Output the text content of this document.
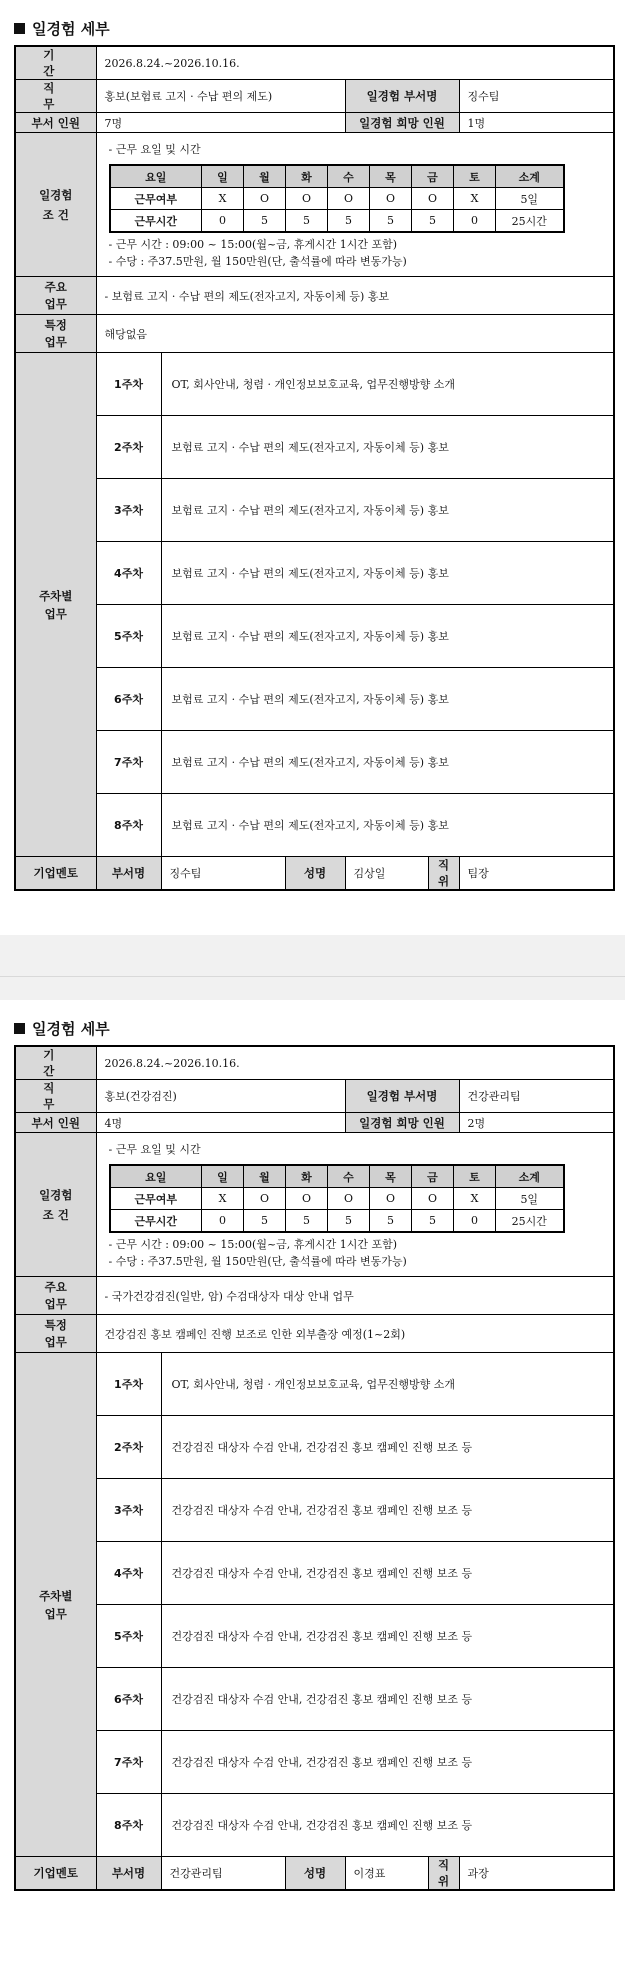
일경험 세부
기 간	2026.8.24.~2026.10.16.
직 무	홍보(보험료 고지 · 수납 편의 제도)	일경험 부서명	징수팀
부서 인원	7명	일경험 희망 인원	1명
일경험
조 건	
- 근무 요일 및 시간
요일	일	월	화	수	목	금	토	소계
근무여부	X	O	O	O	O	O	X	5일
근무시간	0	5	5	5	5	5	0	25시간
- 근무 시간 : 09:00 ~ 15:00(월~금, 휴게시간 1시간 포함)
- 수당 : 주37.5만원, 월 150만원(단, 출석률에 따라 변동가능)

주요
업무	- 보험료 고지 · 수납 편의 제도(전자고지, 자동이체 등) 홍보
특정
업무	해당없음
주차별
업무	1주차	OT, 회사안내, 청렴 · 개인정보보호교육, 업무진행방향 소개
2주차	보험료 고지 · 수납 편의 제도(전자고지, 자동이체 등) 홍보
3주차	보험료 고지 · 수납 편의 제도(전자고지, 자동이체 등) 홍보
4주차	보험료 고지 · 수납 편의 제도(전자고지, 자동이체 등) 홍보
5주차	보험료 고지 · 수납 편의 제도(전자고지, 자동이체 등) 홍보
6주차	보험료 고지 · 수납 편의 제도(전자고지, 자동이체 등) 홍보
7주차	보험료 고지 · 수납 편의 제도(전자고지, 자동이체 등) 홍보
8주차	보험료 고지 · 수납 편의 제도(전자고지, 자동이체 등) 홍보
기업멘토	부서명	징수팀	성명	김상일	직위	팀장
일경험 세부
기 간	2026.8.24.~2026.10.16.
직 무	홍보(건강검진)	일경험 부서명	건강관리팀
부서 인원	4명	일경험 희망 인원	2명
일경험
조 건	
- 근무 요일 및 시간
요일	일	월	화	수	목	금	토	소계
근무여부	X	O	O	O	O	O	X	5일
근무시간	0	5	5	5	5	5	0	25시간
- 근무 시간 : 09:00 ~ 15:00(월~금, 휴게시간 1시간 포함)
- 수당 : 주37.5만원, 월 150만원(단, 출석률에 따라 변동가능)

주요
업무	- 국가건강검진(일반, 암) 수검대상자 대상 안내 업무
특정
업무	건강검진 홍보 캠페인 진행 보조로 인한 외부출장 예정(1~2회)
주차별
업무	1주차	OT, 회사안내, 청렴 · 개인정보보호교육, 업무진행방향 소개
2주차	건강검진 대상자 수검 안내, 건강검진 홍보 캠페인 진행 보조 등
3주차	건강검진 대상자 수검 안내, 건강검진 홍보 캠페인 진행 보조 등
4주차	건강검진 대상자 수검 안내, 건강검진 홍보 캠페인 진행 보조 등
5주차	건강검진 대상자 수검 안내, 건강검진 홍보 캠페인 진행 보조 등
6주차	건강검진 대상자 수검 안내, 건강검진 홍보 캠페인 진행 보조 등
7주차	건강검진 대상자 수검 안내, 건강검진 홍보 캠페인 진행 보조 등
8주차	건강검진 대상자 수검 안내, 건강검진 홍보 캠페인 진행 보조 등
기업멘토	부서명	건강관리팀	성명	이경표	직위	과장
